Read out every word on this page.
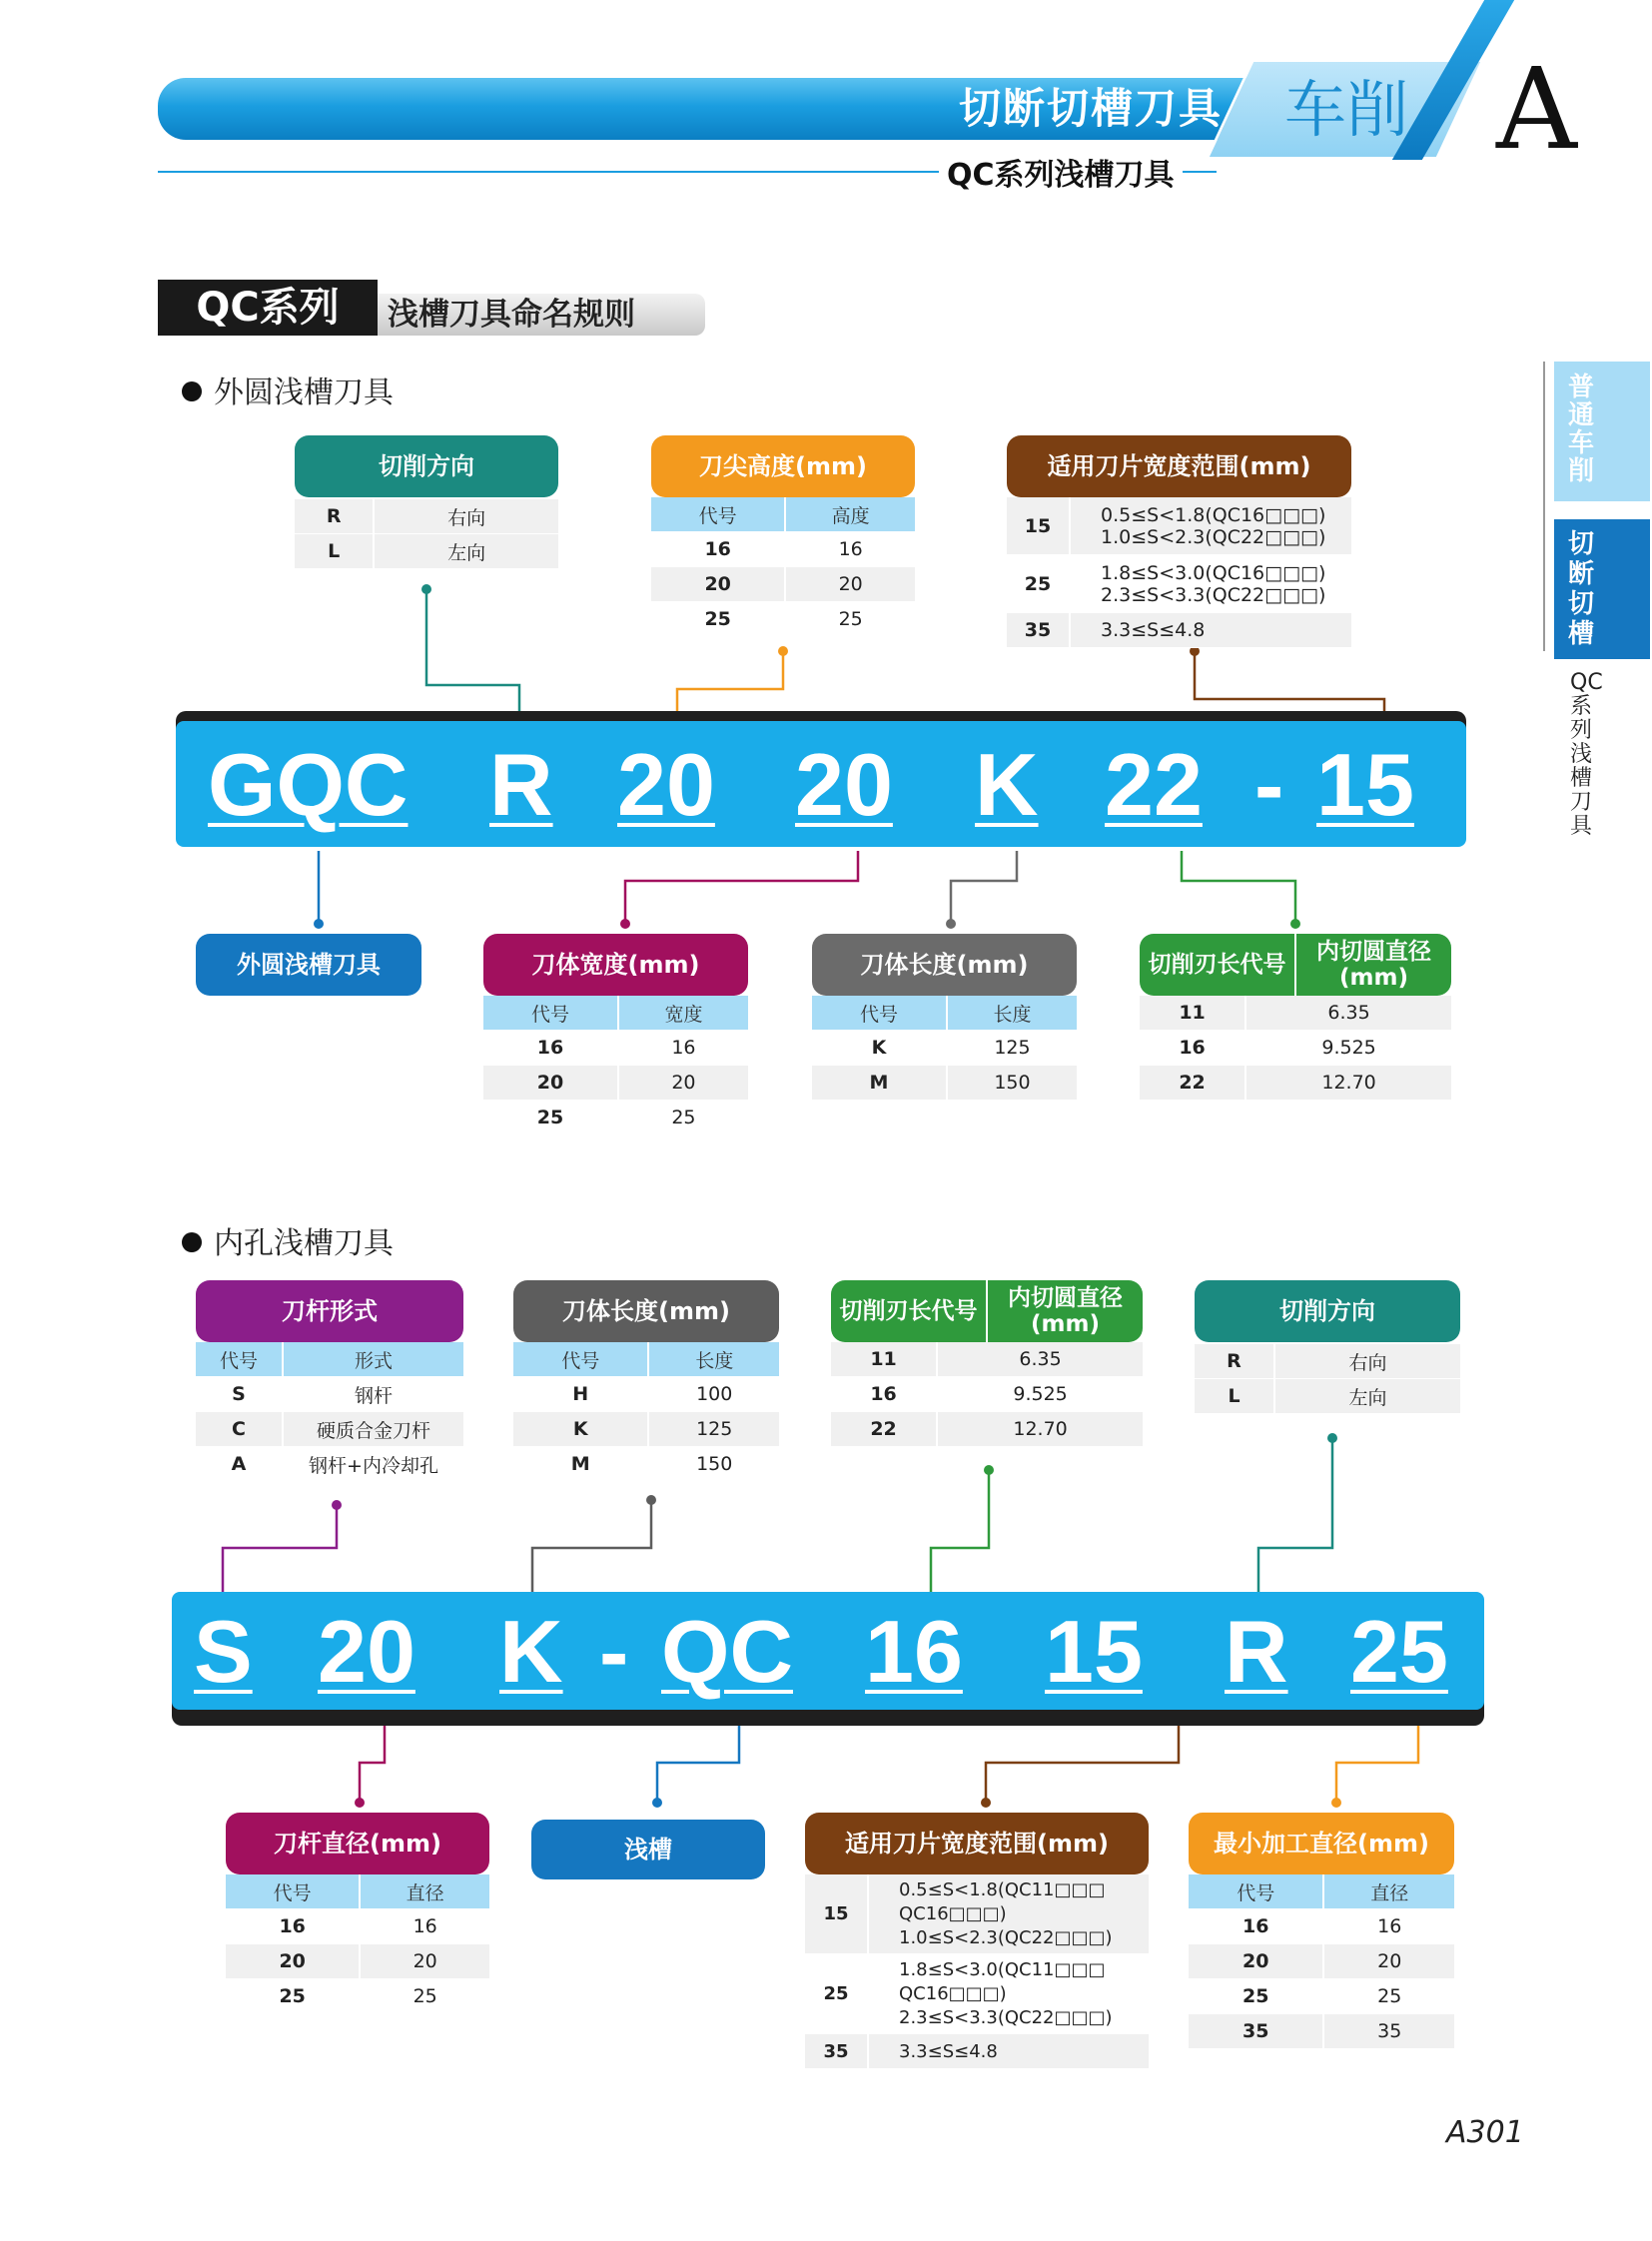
切断切槽刀具 车削 A
QC系列浅槽刀具
普通车削
切断切槽
QC系列浅槽刀具
QC系列	浅槽刀具命名规则
外圆浅槽刀具
切削方向
R	右向
L	左向
刀尖高度(mm)
代号	高度
16	16
20	20
25	25
适用刀片宽度范围(mm)
15	0.5≤S<1.8(QC16□□□)
1.0≤S<2.3(QC22□□□)

25	1.8≤S<3.0(QC16□□□)
2.3≤S<3.3(QC22□□□)

35	3.3≤S≤4.8
GQC R 20 20 K 22 - 15
外圆浅槽刀具	刀体宽度(mm)
代号	宽度
16	16
20	20
25	25
刀体长度(mm)
代号	长度
K	125
M	150
切削刃长代号	内切圆直径(mm)
11	6.35
16	9.525
22	12.70
内孔浅槽刀具
刀杆形式
代号	形式
S	钢杆
C	硬质合金刀杆
A	钢杆+内冷却孔
刀体长度(mm)
代号	长度
H	100
K	125
M	150
切削刃长代号	内切圆直径(mm)
11	6.35
16	9.525
22	12.70
切削方向
R	右向
L	左向
S 20 K - QC 16 15 R 25
刀杆直径(mm)
代号	直径
16	16
20	20
25	25
浅槽	适用刀片宽度范围(mm)
15	0.5≤S<1.8(QC11□□□ QC16□□□)
1.0≤S<2.3(QC22□□□)

25	1.8≤S<3.0(QC11□□□ QC16□□□)
2.3≤S<3.3(QC22□□□)

35	3.3≤S≤4.8
最小加工直径(mm)
代号	直径
16	16
20	20
25	25
35	35
A301
